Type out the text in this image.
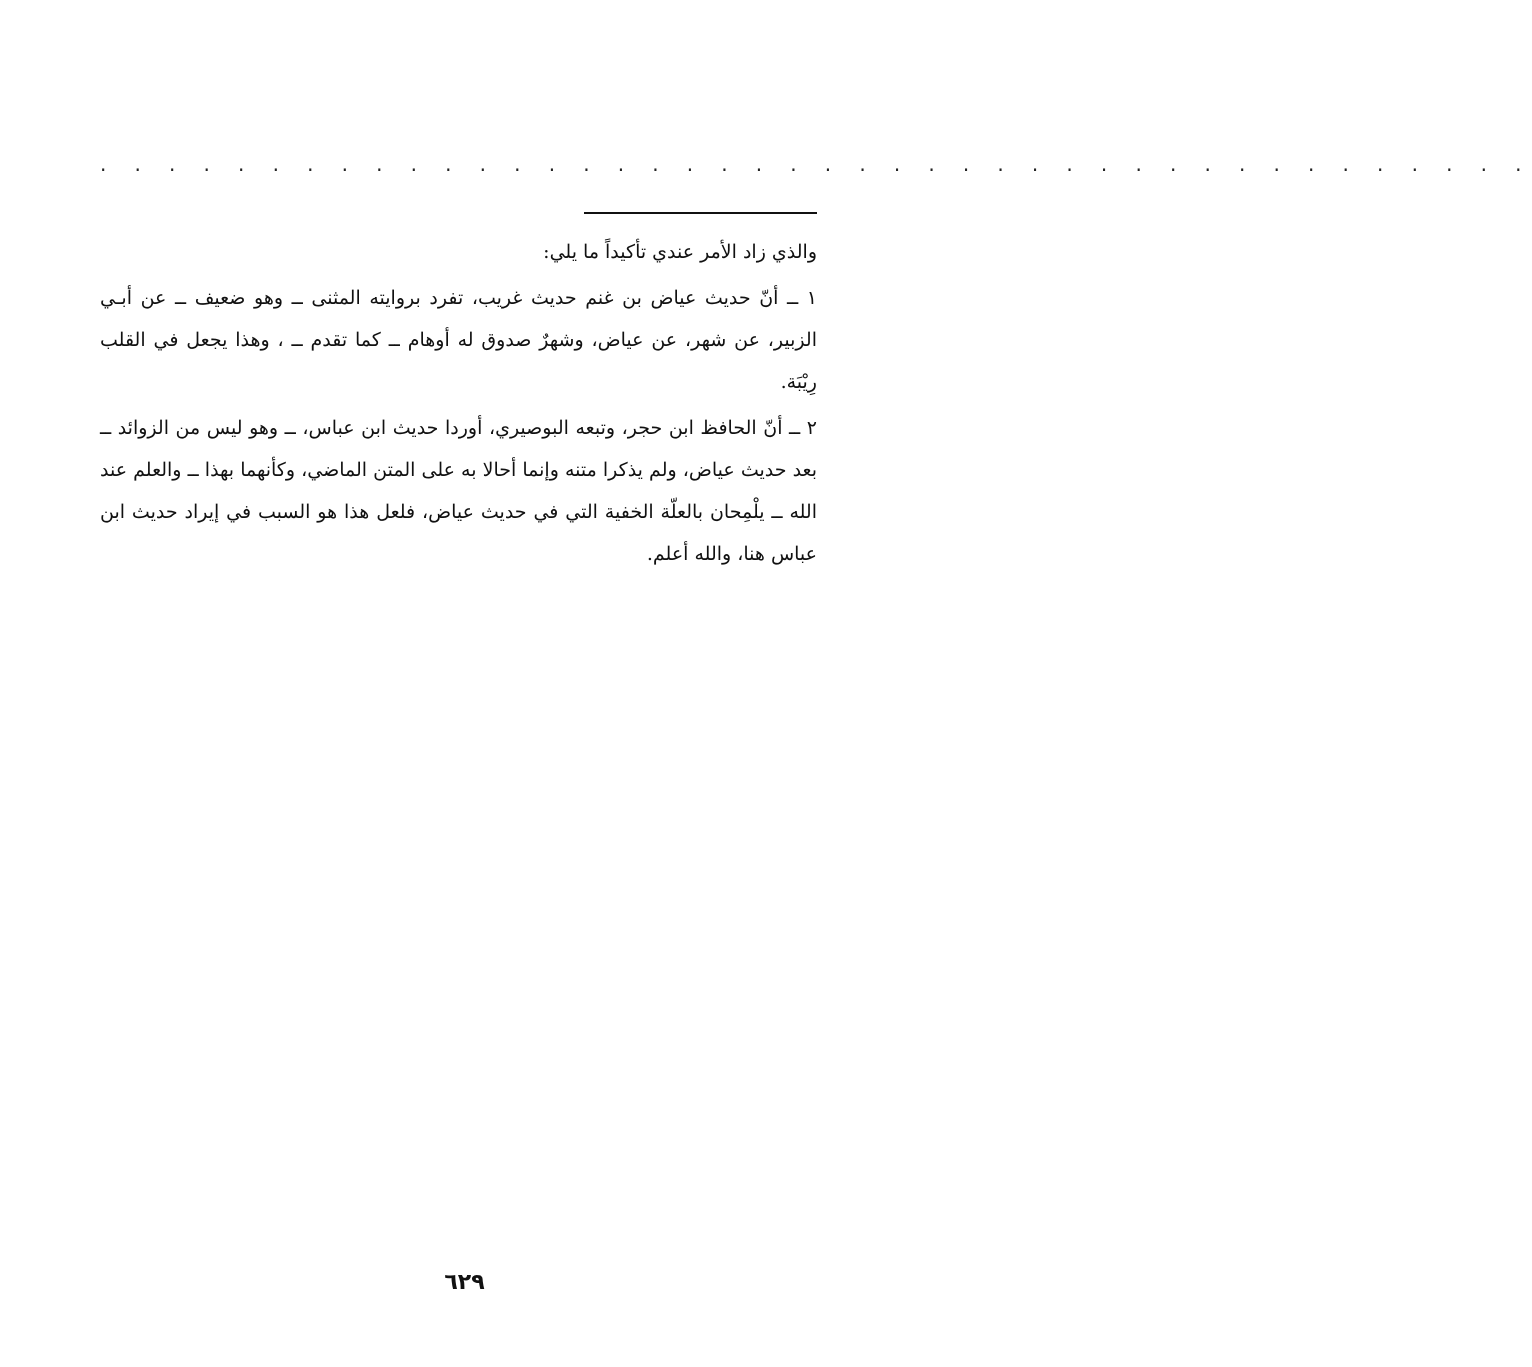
. . . . . . . . . . . . . . . . . . . . . . . . . . . . . . . . . . . . . . . . . .

والذي زاد الأمر عندي تأكيداً ما يلي:

١ ــ أنّ حديث عياض بن غنم حديث غريب، تفرد بروايته المثنى ــ وهو ضعيف ــ عن أبـي الزبير، عن شهر، عن عياض، وشهرٌ صدوق له أوهام ــ كما تقدم ــ ، وهذا يجعل في القلب رِيْبَة.

٢ ــ أنّ الحافظ ابن حجر، وتبعه البوصيري، أوردا حديث ابن عباس، ــ وهو ليس من الزوائد ــ بعد حديث عياض، ولم يذكرا متنه وإنما أحالا به على المتن الماضي، وكأنهما بهذا ــ والعلم عند الله ــ يلْمِحان بالعلّة الخفية التي في حديث عياض، فلعل هذا هو السبب في إيراد حديث ابن عباس هنا، والله أعلم.

٦٢٩
